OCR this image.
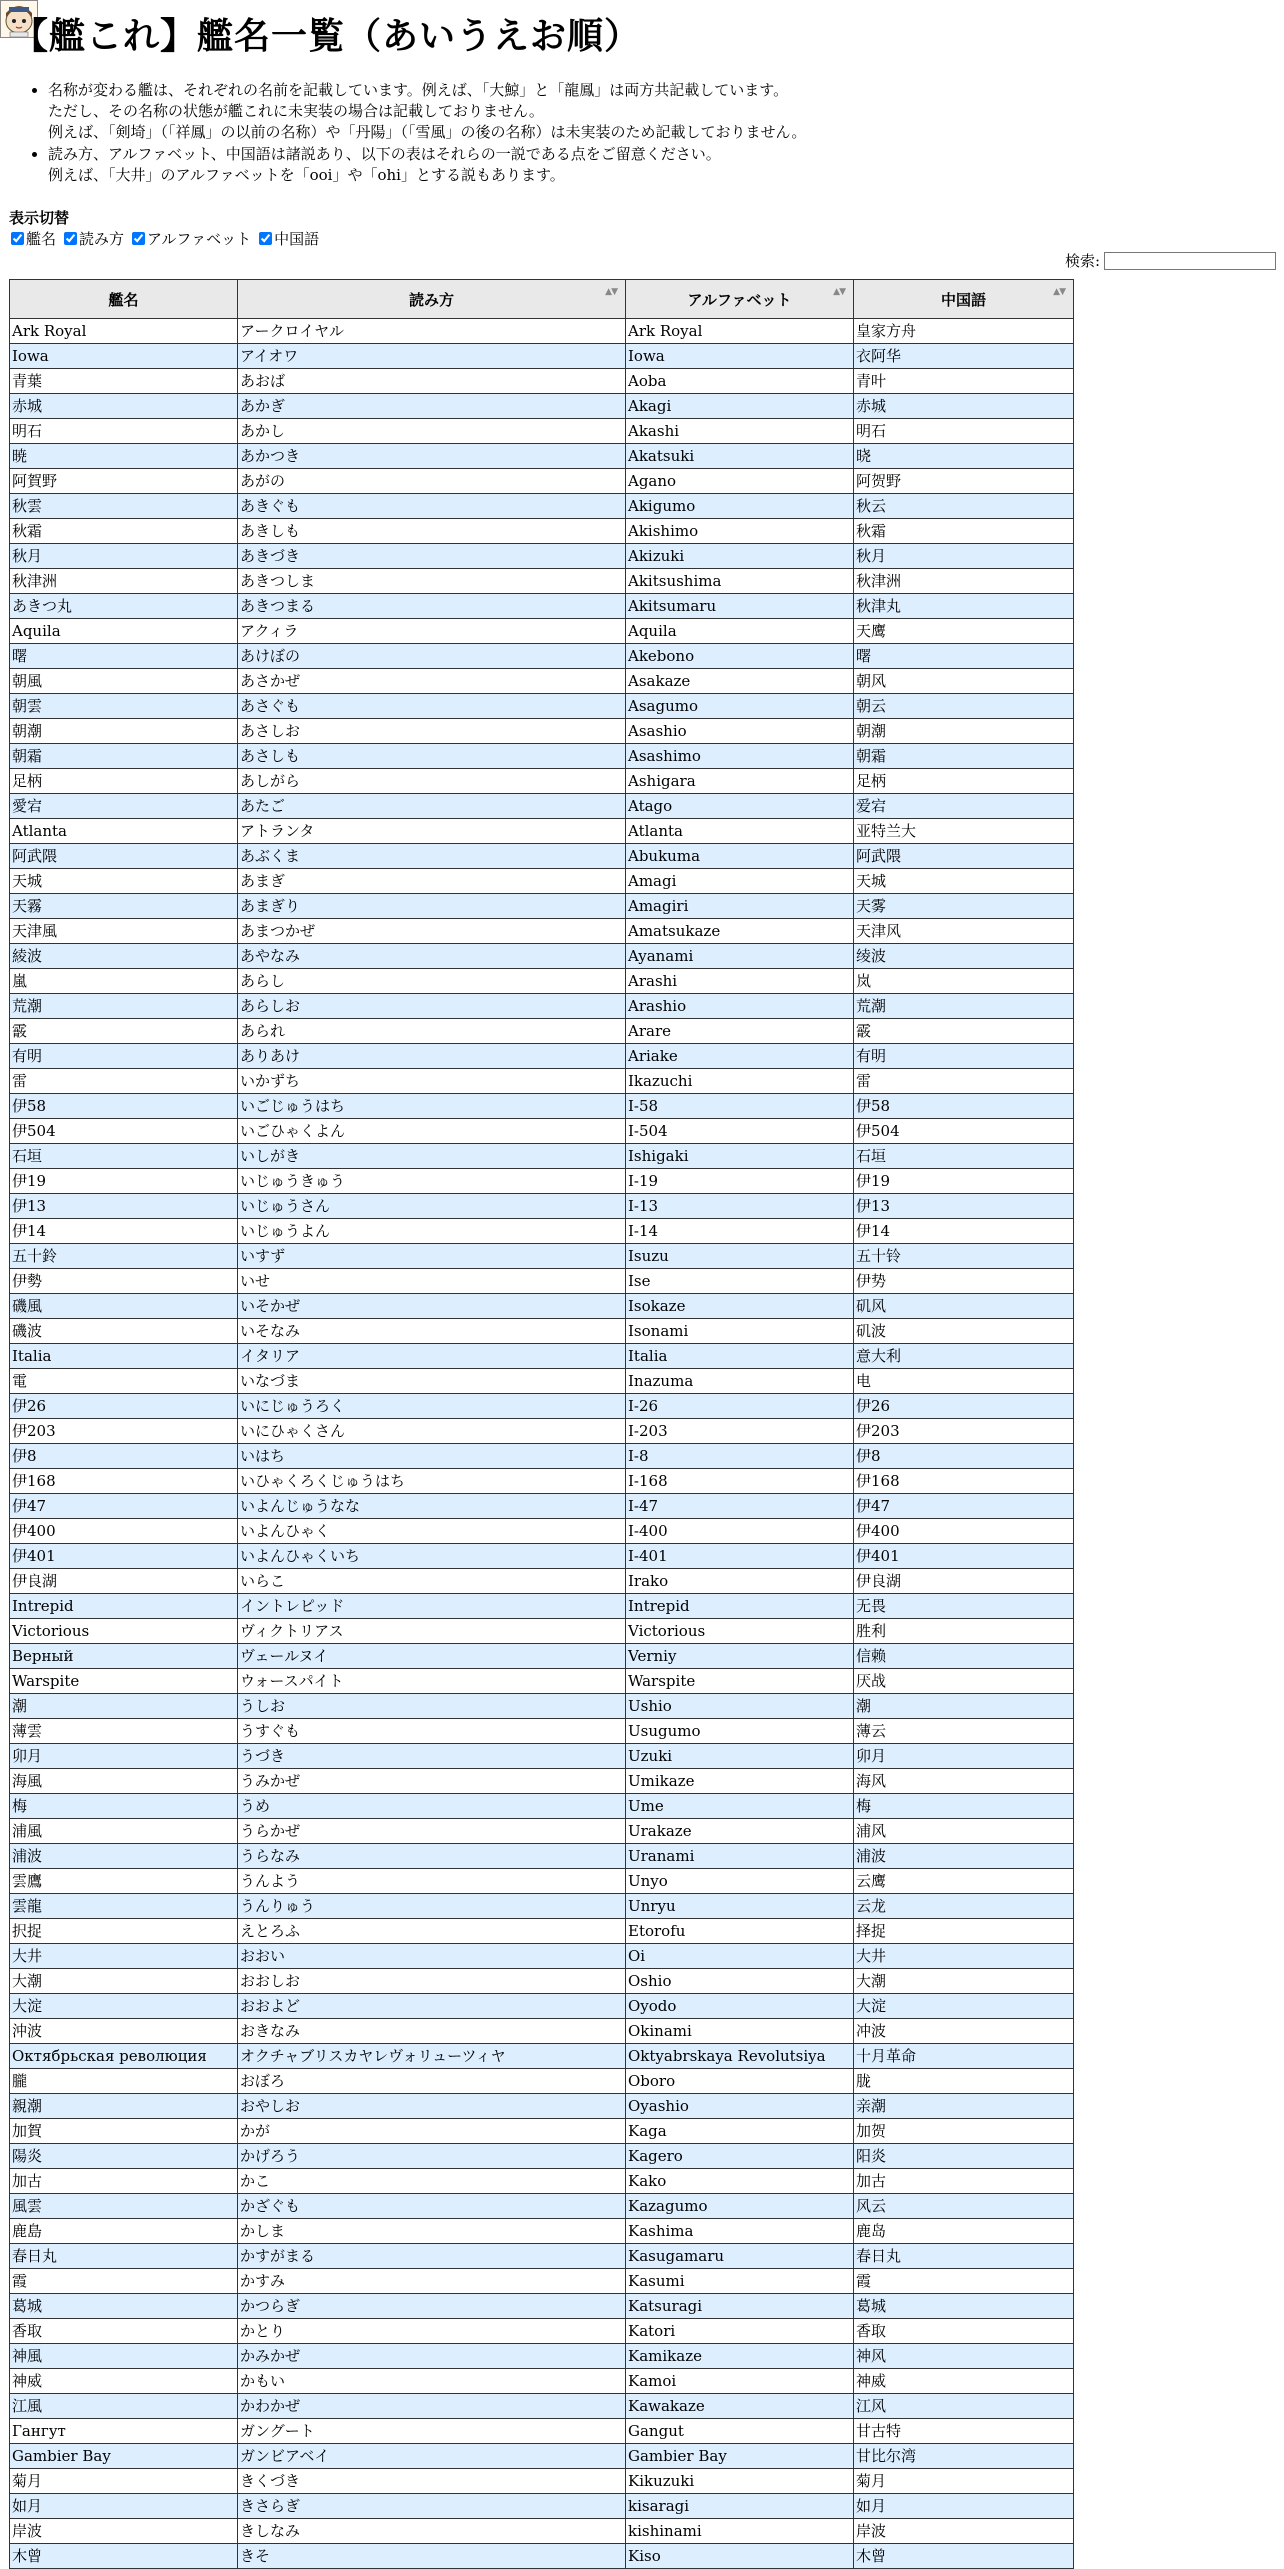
【艦これ】艦名一覧（あいうえお順）
• 名称が変わる艦は、それぞれの名前を記載しています。例えば、「大鯨」と「龍鳳」は両方共記載しています。
ただし、その名称の状態が艦これに未実装の場合は記載しておりません。
例えば、「剣埼」（「祥鳳」の以前の名称）や「丹陽」（「雪風」の後の名称）は未実装のため記載しておりません。
• 読み方、アルファベット、中国語は諸説あり、以下の表はそれらの一説である点をご留意ください。
例えば、「大井」のアルファベットを「ooi」や「ohi」とする説もあります。
表示切替
艦名 読み方 アルファベット 中国語
検索:
艦名	読み方 ▲▼	アルファベット ▲▼	中国語 ▲▼

Ark Royal	アークロイヤル	Ark Royal	皇家方舟
Iowa	アイオワ	Iowa	衣阿华
青葉	あおば	Aoba	青叶
赤城	あかぎ	Akagi	赤城
明石	あかし	Akashi	明石
暁	あかつき	Akatsuki	晓
阿賀野	あがの	Agano	阿贺野
秋雲	あきぐも	Akigumo	秋云
秋霜	あきしも	Akishimo	秋霜
秋月	あきづき	Akizuki	秋月
秋津洲	あきつしま	Akitsushima	秋津洲
あきつ丸	あきつまる	Akitsumaru	秋津丸
Aquila	アクィラ	Aquila	天鹰
曙	あけぼの	Akebono	曙
朝風	あさかぜ	Asakaze	朝风
朝雲	あさぐも	Asagumo	朝云
朝潮	あさしお	Asashio	朝潮
朝霜	あさしも	Asashimo	朝霜
足柄	あしがら	Ashigara	足柄
愛宕	あたご	Atago	爱宕
Atlanta	アトランタ	Atlanta	亚特兰大
阿武隈	あぶくま	Abukuma	阿武隈
天城	あまぎ	Amagi	天城
天霧	あまぎり	Amagiri	天雾
天津風	あまつかぜ	Amatsukaze	天津风
綾波	あやなみ	Ayanami	绫波
嵐	あらし	Arashi	岚
荒潮	あらしお	Arashio	荒潮
霰	あられ	Arare	霰
有明	ありあけ	Ariake	有明
雷	いかずち	Ikazuchi	雷
伊58	いごじゅうはち	I-58	伊58
伊504	いごひゃくよん	I-504	伊504
石垣	いしがき	Ishigaki	石垣
伊19	いじゅうきゅう	I-19	伊19
伊13	いじゅうさん	I-13	伊13
伊14	いじゅうよん	I-14	伊14
五十鈴	いすず	Isuzu	五十铃
伊勢	いせ	Ise	伊势
磯風	いそかぜ	Isokaze	矶风
磯波	いそなみ	Isonami	矶波
Italia	イタリア	Italia	意大利
電	いなづま	Inazuma	电
伊26	いにじゅうろく	I-26	伊26
伊203	いにひゃくさん	I-203	伊203
伊8	いはち	I-8	伊8
伊168	いひゃくろくじゅうはち	I-168	伊168
伊47	いよんじゅうなな	I-47	伊47
伊400	いよんひゃく	I-400	伊400
伊401	いよんひゃくいち	I-401	伊401
伊良湖	いらこ	Irako	伊良湖
Intrepid	イントレピッド	Intrepid	无畏
Victorious	ヴィクトリアス	Victorious	胜利
Верный	ヴェールヌイ	Verniy	信赖
Warspite	ウォースパイト	Warspite	厌战
潮	うしお	Ushio	潮
薄雲	うすぐも	Usugumo	薄云
卯月	うづき	Uzuki	卯月
海風	うみかぜ	Umikaze	海风
梅	うめ	Ume	梅
浦風	うらかぜ	Urakaze	浦风
浦波	うらなみ	Uranami	浦波
雲鷹	うんよう	Unyo	云鹰
雲龍	うんりゅう	Unryu	云龙
択捉	えとろふ	Etorofu	择捉
大井	おおい	Oi	大井
大潮	おおしお	Oshio	大潮
大淀	おおよど	Oyodo	大淀
沖波	おきなみ	Okinami	冲波
Октябрьская революция	オクチャブリスカヤレヴォリューツィヤ	Oktyabrskaya Revolutsiya	十月革命
朧	おぼろ	Oboro	胧
親潮	おやしお	Oyashio	亲潮
加賀	かが	Kaga	加贺
陽炎	かげろう	Kagero	阳炎
加古	かこ	Kako	加古
風雲	かざぐも	Kazagumo	风云
鹿島	かしま	Kashima	鹿岛
春日丸	かすがまる	Kasugamaru	春日丸
霞	かすみ	Kasumi	霞
葛城	かつらぎ	Katsuragi	葛城
香取	かとり	Katori	香取
神風	かみかぜ	Kamikaze	神风
神威	かもい	Kamoi	神威
江風	かわかぜ	Kawakaze	江风
Гангут	ガングート	Gangut	甘古特
Gambier Bay	ガンビアベイ	Gambier Bay	甘比尔湾
菊月	きくづき	Kikuzuki	菊月
如月	きさらぎ	kisaragi	如月
岸波	きしなみ	kishinami	岸波
木曾	きそ	Kiso	木曾
